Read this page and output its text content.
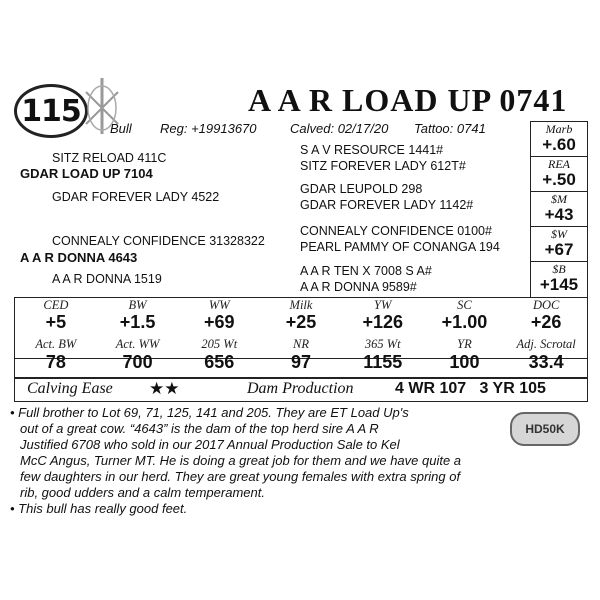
115	A A R LOAD UP 0741
Bull Reg: +19913670	Calved: 02/17/20 Tattoo: 0741
SITZ RELOAD 411C
GDAR LOAD UP 7104
GDAR FOREVER LADY 4522
CONNEALY CONFIDENCE 31328322
A A R DONNA 4643
A A R DONNA 1519
S A V RESOURCE 1441#
SITZ FOREVER LADY 612T#
GDAR LEUPOLD 298
GDAR FOREVER LADY 1142#
CONNEALY CONFIDENCE 0100#
PEARL PAMMY OF CONANGA 194
A A R TEN X 7008 S A#
A A R DONNA 9589#
Marb
+.60
REA
+.50
$M
+43
$W
+67
$B
+145
CED	BW	WW	Milk	YW	SC	DOC
+5	+1.5	+69	+25	+126	+1.00	+26
Act. BW	Act. WW	205 Wt	NR	365 Wt	YR	Adj. Scrotal
78	700	656	97	1155	100	33.4
Calving Ease ★★	Dam Production	4 WR 107   3 YR 105
• Full brother to Lot 69, 71, 125, 141 and 205. They are ET Load Up's
out of a great cow. “4643” is the dam of the top herd sire A A R
Justified 6708 who sold in our 2017 Annual Production Sale to Kel
McC Angus, Turner MT. He is doing a great job for them and we have quite a
few daughters in our herd. They are great young females with extra spring of
rib, good udders and a calm temperament.
• This bull has really good feet.
HD50K
